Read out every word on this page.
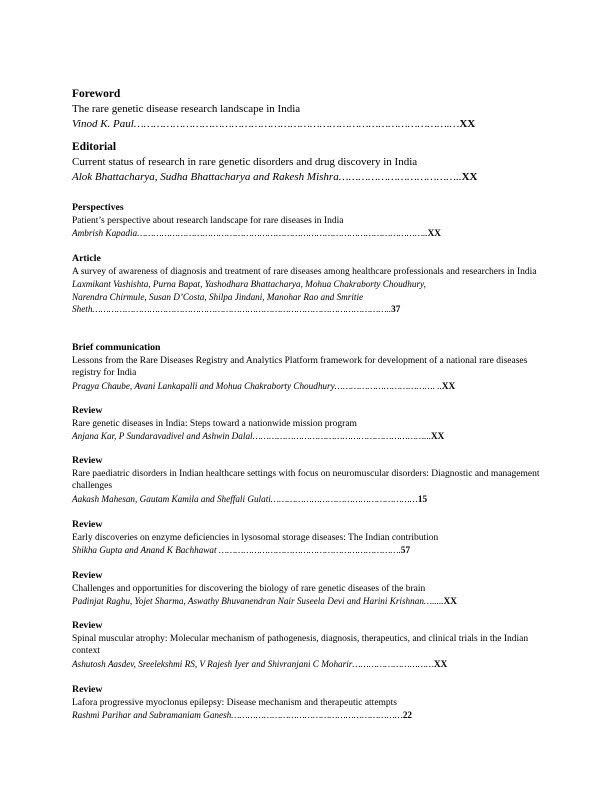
Foreword
The rare genetic disease research landscape in India
Vinod K. Paul…………………………………………………………………………………….…XX
Editorial
Current status of research in rare genetic disorders and drug discovery in India
Alok Bhattacharya, Sudha Bhattacharya and Rakesh Mishra………………………………..XX
Perspectives
Patient’s perspective about research landscape for rare diseases in India
Ambrish Kapadia……………………………………………………………………………………………..XX
Article
A survey of awareness of diagnosis and treatment of rare diseases among healthcare professionals and researchers in India
Laxmikant Vashishta, Purna Bapat, Yashodhara Bhattacharya, Mohua Chakraborty Choudhury,
Narendra Chirmule, Susan D’Costa, Shilpa Jindani, Manohar Rao and Smritie
Sheth………………………………………………………………………………………………..37
Brief communication
Lessons from the Rare Diseases Registry and Analytics Platform framework for development of a national rare diseases registry for India
Pragya Chaube, Avani Lankapalli and Mohua Chakraborty Choudhury………………………………. ..XX
Review
Rare genetic diseases in India: Steps toward a nationwide mission program
Anjana Kar, P Sundaravadivel and Ashwin Dalal………………………………………………………...XX
Review
Rare paediatric disorders in Indian healthcare settings with focus on neuromuscular disorders: Diagnostic and management challenges
Aakash Mahesan, Gautam Kamila and Sheffali Gulati………………………………………………15
Review
Early discoveries on enzyme deficiencies in lysosomal storage diseases: The Indian contribution
Shikha Gupta and Anand K Bachhawat ………………………………………………………….57
Review
Challenges and opportunities for discovering the biology of rare genetic diseases of the brain
Padinjat Raghu, Yojet Sharma, Aswathy Bhuvanendran Nair Suseela Devi and Harini Krishnan….....XX
Review
Spinal muscular atrophy: Molecular mechanism of pathogenesis, diagnosis, therapeutics, and clinical trials in the Indian context
Ashutosh Aasdev, Sreelekshmi RS, V Rajesh Iyer and Shivranjani C Moharir…………………………XX
Review
Lafora progressive myoclonus epilepsy: Disease mechanism and therapeutic attempts
Rashmi Parihar and Subramaniam Ganesh………………………………………………………22
